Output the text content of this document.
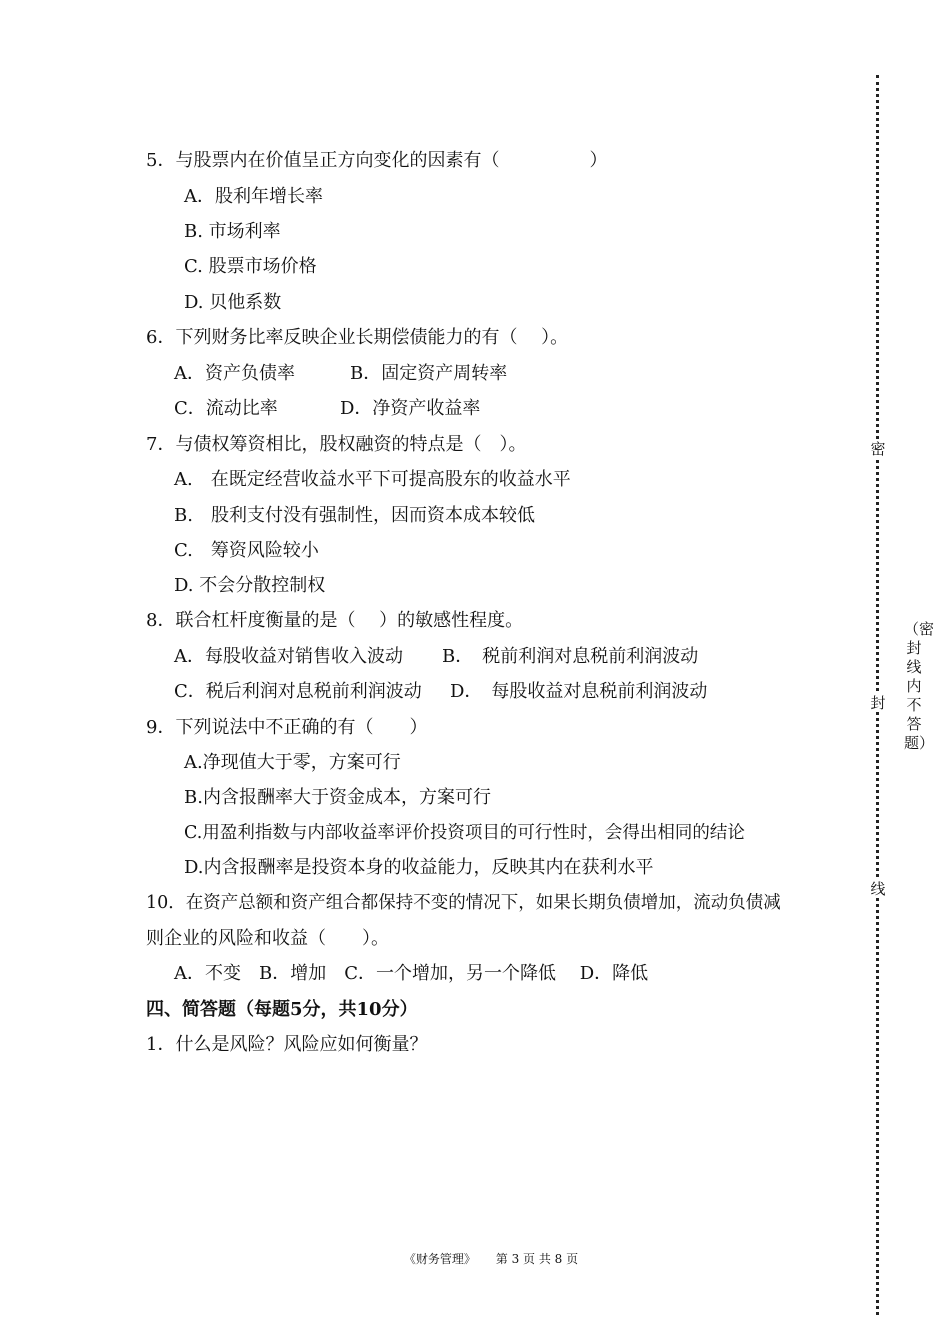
5．与股票内在价值呈正方向变化的因素有（　　　　　）
A．股利年增长率
B. 市场利率
C. 股票市场价格
D. 贝他系数
6．下列财务比率反映企业长期偿债能力的有（　 ）。
A．资产负债率	B．固定资产周转率
C．流动比率	D．净资产收益率
7．与债权筹资相比，股权融资的特点是（　）。
A.　在既定经营收益水平下可提高股东的收益水平
B.　股利支付没有强制性，因而资本成本较低
C.　筹资风险较小
D. 不会分散控制权
8．联合杠杆度衡量的是（　 ）的敏感性程度。
A．每股收益对销售收入波动 B．　税前利润对息税前利润波动
C．税后利润对息税前利润波动 D．　每股收益对息税前利润波动
9．下列说法中不正确的有（　　）
A.净现值大于零，方案可行
B.内含报酬率大于资金成本，方案可行
C.用盈利指数与内部收益率评价投资项目的可行性时，会得出相同的结论
D.内含报酬率是投资本身的收益能力，反映其内在获利水平
10．在资产总额和资产组合都保持不变的情况下，如果长期负债增加，流动负债减
则企业的风险和收益（　　）。
A．不变　B．增加　C．一个增加，另一个降低　 D．降低
四、简答题（每题5分，共10分）
1．什么是风险？风险应如何衡量？
密
封
线
（密封线内不答题）
《财务管理》 第 3 页 共 8 页
